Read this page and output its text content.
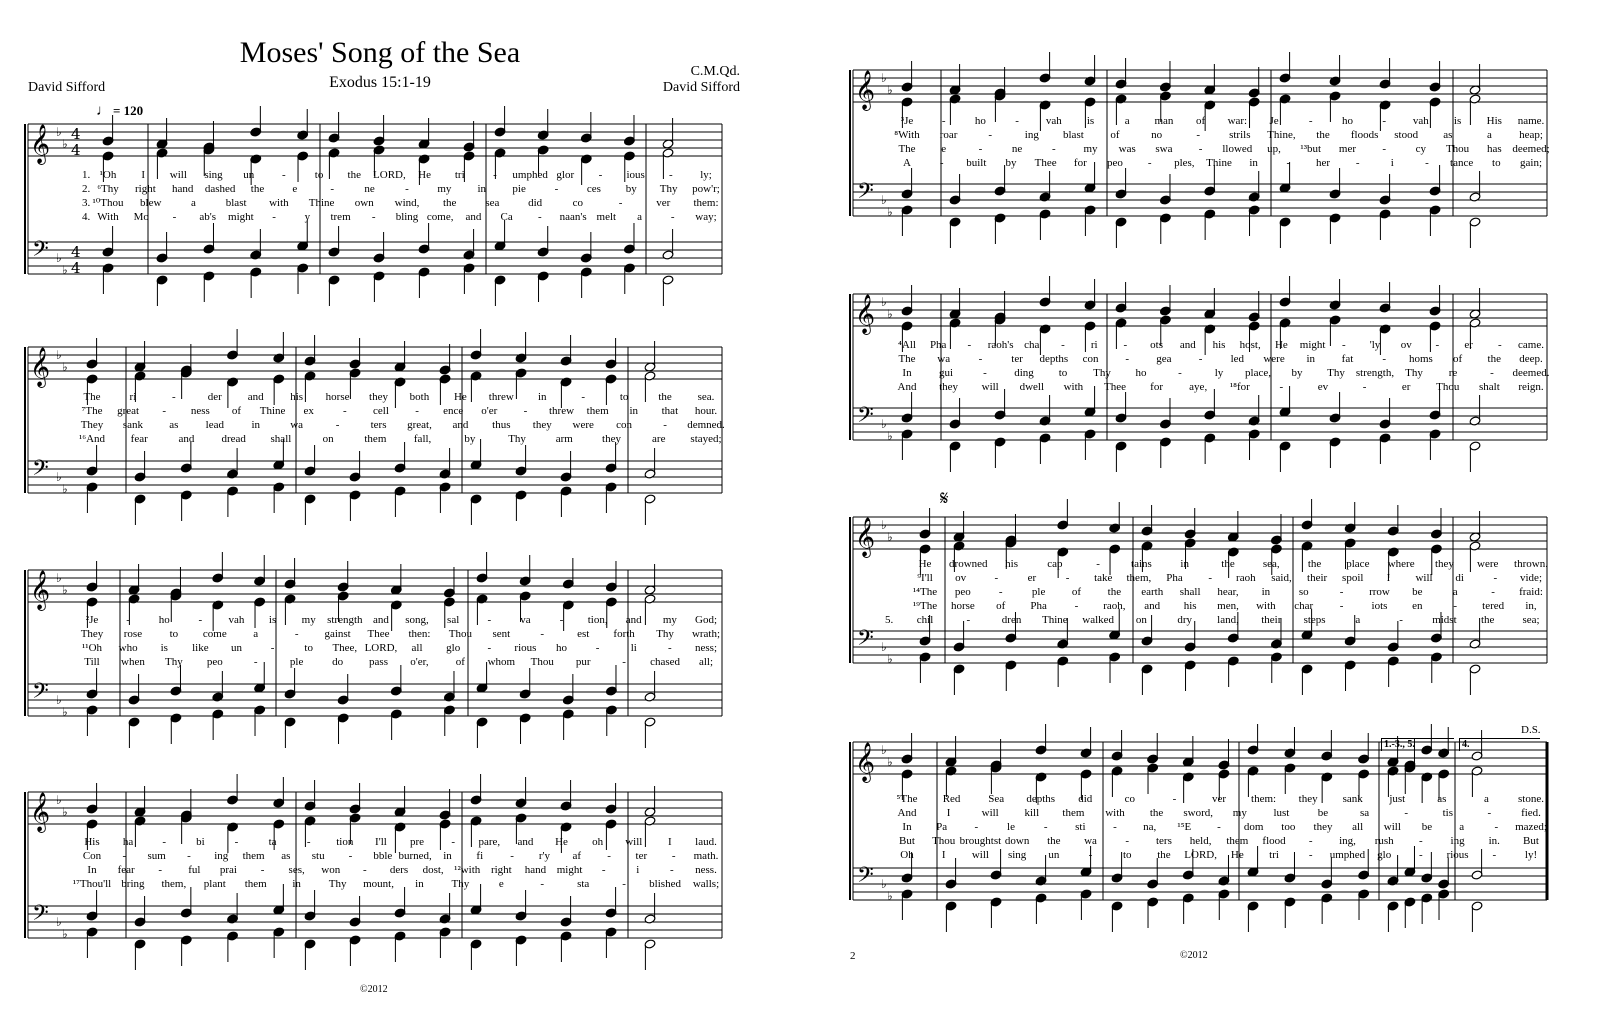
Moses' Song of the Sea
Exodus 15:1-19
David Sifford
C.M.Qd.
David Sifford
♩ = 120
𝄞
𝄢
♭
♭
♭
♭
4
4
4
4
1. ¹Oh I will sing un	-	to the LORD, He tri	- umphed glor - ious -	ly;
2. ⁶Thy right hand dashed the	e	-	ne	-	my in pie	-	ces by Thy pow'r;
3. ¹⁰Thou blew	a	blast with Thine own wind, the	sea	did	co	-	ver them:
4. With Mo - ab's might -	y trem - bling come, and Ca - naan's melt a	- way;
𝄞
𝄢
♭
♭
♭
♭
The	ri	-	der and his horse they both He threw in	-	to	the sea.
⁷The great - ness of Thine ex	- cell - ence o'er - threw them in that hour.
They sank as lead in	wa	-	ters great, and thus they were con	- demned.
¹⁶And fear	and dread shall	on	them	fall,	by	Thy	arm	they	are stayed;
𝄞
𝄢
♭
♭
♭
♭
²Je	-	ho	- vah is my strength and song, sal	-	va	- tion, and my God;
They rose to come a	- gainst Thee then: Thou sent	-	est forth Thy wrath;
¹¹Oh who is like un	-	to Thee, LORD, all glo - rious ho	-	li	- ness;
Till when Thy peo	-	ple	do pass o'er, of whom Thou pur	- chased all;
𝄞
𝄢
♭
♭
♭
♭
His ha	-	bi	-	ta	- tion I'll pre - pare, and He oh will I laud.
Con - sum - ing them as stu - bble burned, in fi - r'y af - ter - math.
In fear - ful prai - ses, won - ders dost, ¹²with right hand might -	i	- ness.
¹⁷Thou'll bring them, plant them in	Thy mount, in	Thy	e	-	sta	- blished walls;
©2012
𝄞
𝄢
♭
♭
♭
♭
³Je	-	ho	- vah is	a man of war: Je	-	ho	- vah is His name.
⁸With roar	-	ing blast of	no	-	strils Thine, the floods stood as	a heap;
The e	-	ne	-	my was swa - llowed up, ¹³but mer -	cy Thou has deemed;
A	- built by Thee for peo - ples, Thine in	- her -	i	- tance to gain;
𝄞
𝄢
♭
♭
♭
♭
⁴All Pha - raoh's cha - ri - ots and his host, He might - 'ly ov - er - came.
The wa	-	ter depths con - gea -	led were in fat	- homs of the deep.
In gui	- ding to Thy ho	-	ly place, by Thy strength, Thy re	- deemed.
And they will dwell with Thee for aye, ¹⁸for	-	ev	-	er Thou shalt reign.
𝄞
𝄢
♭
♭
♭
♭
He drowned his	cap	-	tains	in	the	sea,	the place where they were thrown.
⁹I'll ov	-	er	- take them, Pha - raoh said, their spoil I will di	- vide;
¹⁴The peo	-	ple of the earth shall hear, in	so	- rrow be	a	- fraid:
¹⁹The horse of Pha	- raoh, and his men, with char -	iots en	- tered in,
5. chil	-	dren Thine walked on	dry land, their steps	a	-	midst the	sea;
𝄞
𝄢
♭
♭
♭
♭
⁵The Red	Sea depths did	co	-	ver them: they sank just	as	a	stone.
And	I	will kill them with the sword, my lust	be	sa	-	tis	-	fied.
In Pa -	le	-	sti	- na, ¹⁵E - dom too they all will be a	- mazed;
But Thou broughtst down the wa	- ters held, them flood - ing, rush -	ing in. But
Oh	I will sing un	-	to the LORD, He tri	- umphed glo	- rious -	ly!
2	©2012
𝄋
D.S.
1.-3., 5.	4.
